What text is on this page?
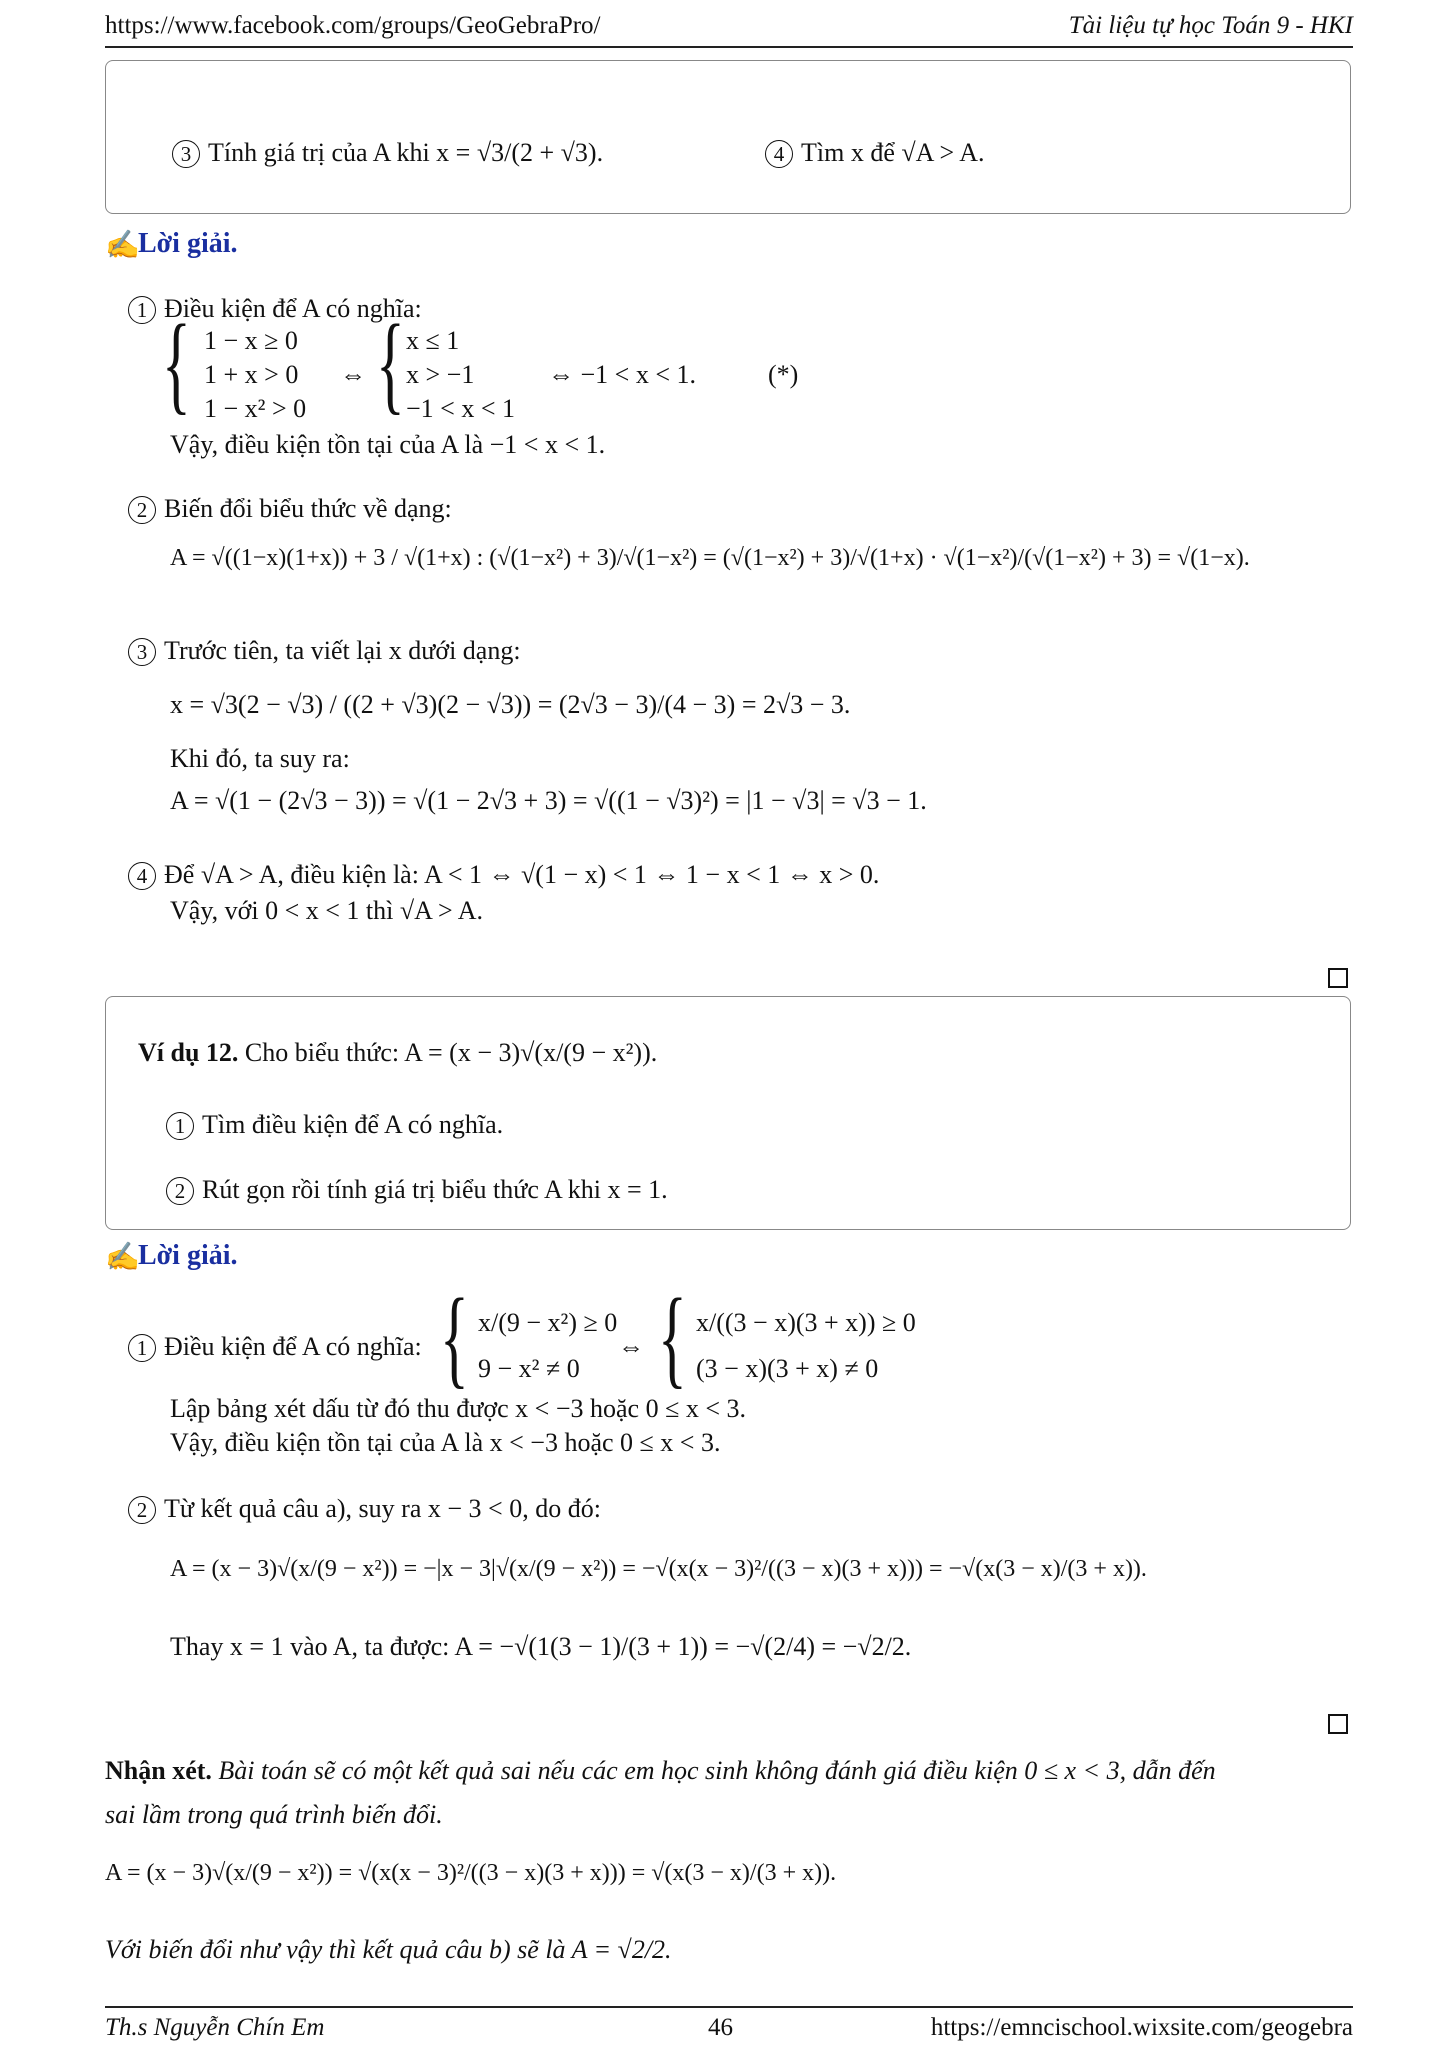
https://www.facebook.com/groups/GeoGebraPro/	Tài liệu tự học Toán 9 - HKI
3 Tính giá trị của A khi x = √3/(2 + √3).	4 Tìm x để √A > A.
✍
Lời giải.
1 Điều kiện để A có nghĩa:
{ 1 − x ≥ 0
1 + x > 0
1 − x² > 0
⇔ { x ≤ 1
x > −1
−1 < x < 1
⇔ −1 < x < 1.	(*)
Vậy, điều kiện tồn tại của A là −1 < x < 1.
2 Biến đổi biểu thức về dạng:
A = √((1−x)(1+x)) + 3 / √(1+x) : (√(1−x²) + 3)/√(1−x²) = (√(1−x²) + 3)/√(1+x) · √(1−x²)/(√(1−x²) + 3) = √(1−x).
3 Trước tiên, ta viết lại x dưới dạng:
x = √3(2 − √3) / ((2 + √3)(2 − √3)) = (2√3 − 3)/(4 − 3) = 2√3 − 3.
Khi đó, ta suy ra:
A = √(1 − (2√3 − 3)) = √(1 − 2√3 + 3) = √((1 − √3)²) = |1 − √3| = √3 − 1.
4 Để √A > A, điều kiện là: A < 1 ⇔ √(1 − x) < 1 ⇔ 1 − x < 1 ⇔ x > 0.
Vậy, với 0 < x < 1 thì √A > A.
Ví dụ 12. Cho biểu thức: A = (x − 3)√(x/(9 − x²)).
1 Tìm điều kiện để A có nghĩa.
2 Rút gọn rồi tính giá trị biểu thức A khi x = 1.
✍
Lời giải.
1 Điều kiện để A có nghĩa: { x/(9 − x²) ≥ 0
9 − x² ≠ 0
⇔ { x/((3 − x)(3 + x)) ≥ 0
(3 − x)(3 + x) ≠ 0
Lập bảng xét dấu từ đó thu được x < −3 hoặc 0 ≤ x < 3.
Vậy, điều kiện tồn tại của A là x < −3 hoặc 0 ≤ x < 3.
2 Từ kết quả câu a), suy ra x − 3 < 0, do đó:
A = (x − 3)√(x/(9 − x²)) = −|x − 3|√(x/(9 − x²)) = −√(x(x − 3)²/((3 − x)(3 + x))) = −√(x(3 − x)/(3 + x)).
Thay x = 1 vào A, ta được: A = −√(1(3 − 1)/(3 + 1)) = −√(2/4) = −√2/2.
Nhận xét. Bài toán sẽ có một kết quả sai nếu các em học sinh không đánh giá điều kiện 0 ≤ x < 3, dẫn đến
sai lầm trong quá trình biến đổi.
A = (x − 3)√(x/(9 − x²)) = √(x(x − 3)²/((3 − x)(3 + x))) = √(x(3 − x)/(3 + x)).
Với biến đổi như vậy thì kết quả câu b) sẽ là A = √2/2.
Th.s Nguyễn Chín Em	46	https://emncischool.wixsite.com/geogebra
